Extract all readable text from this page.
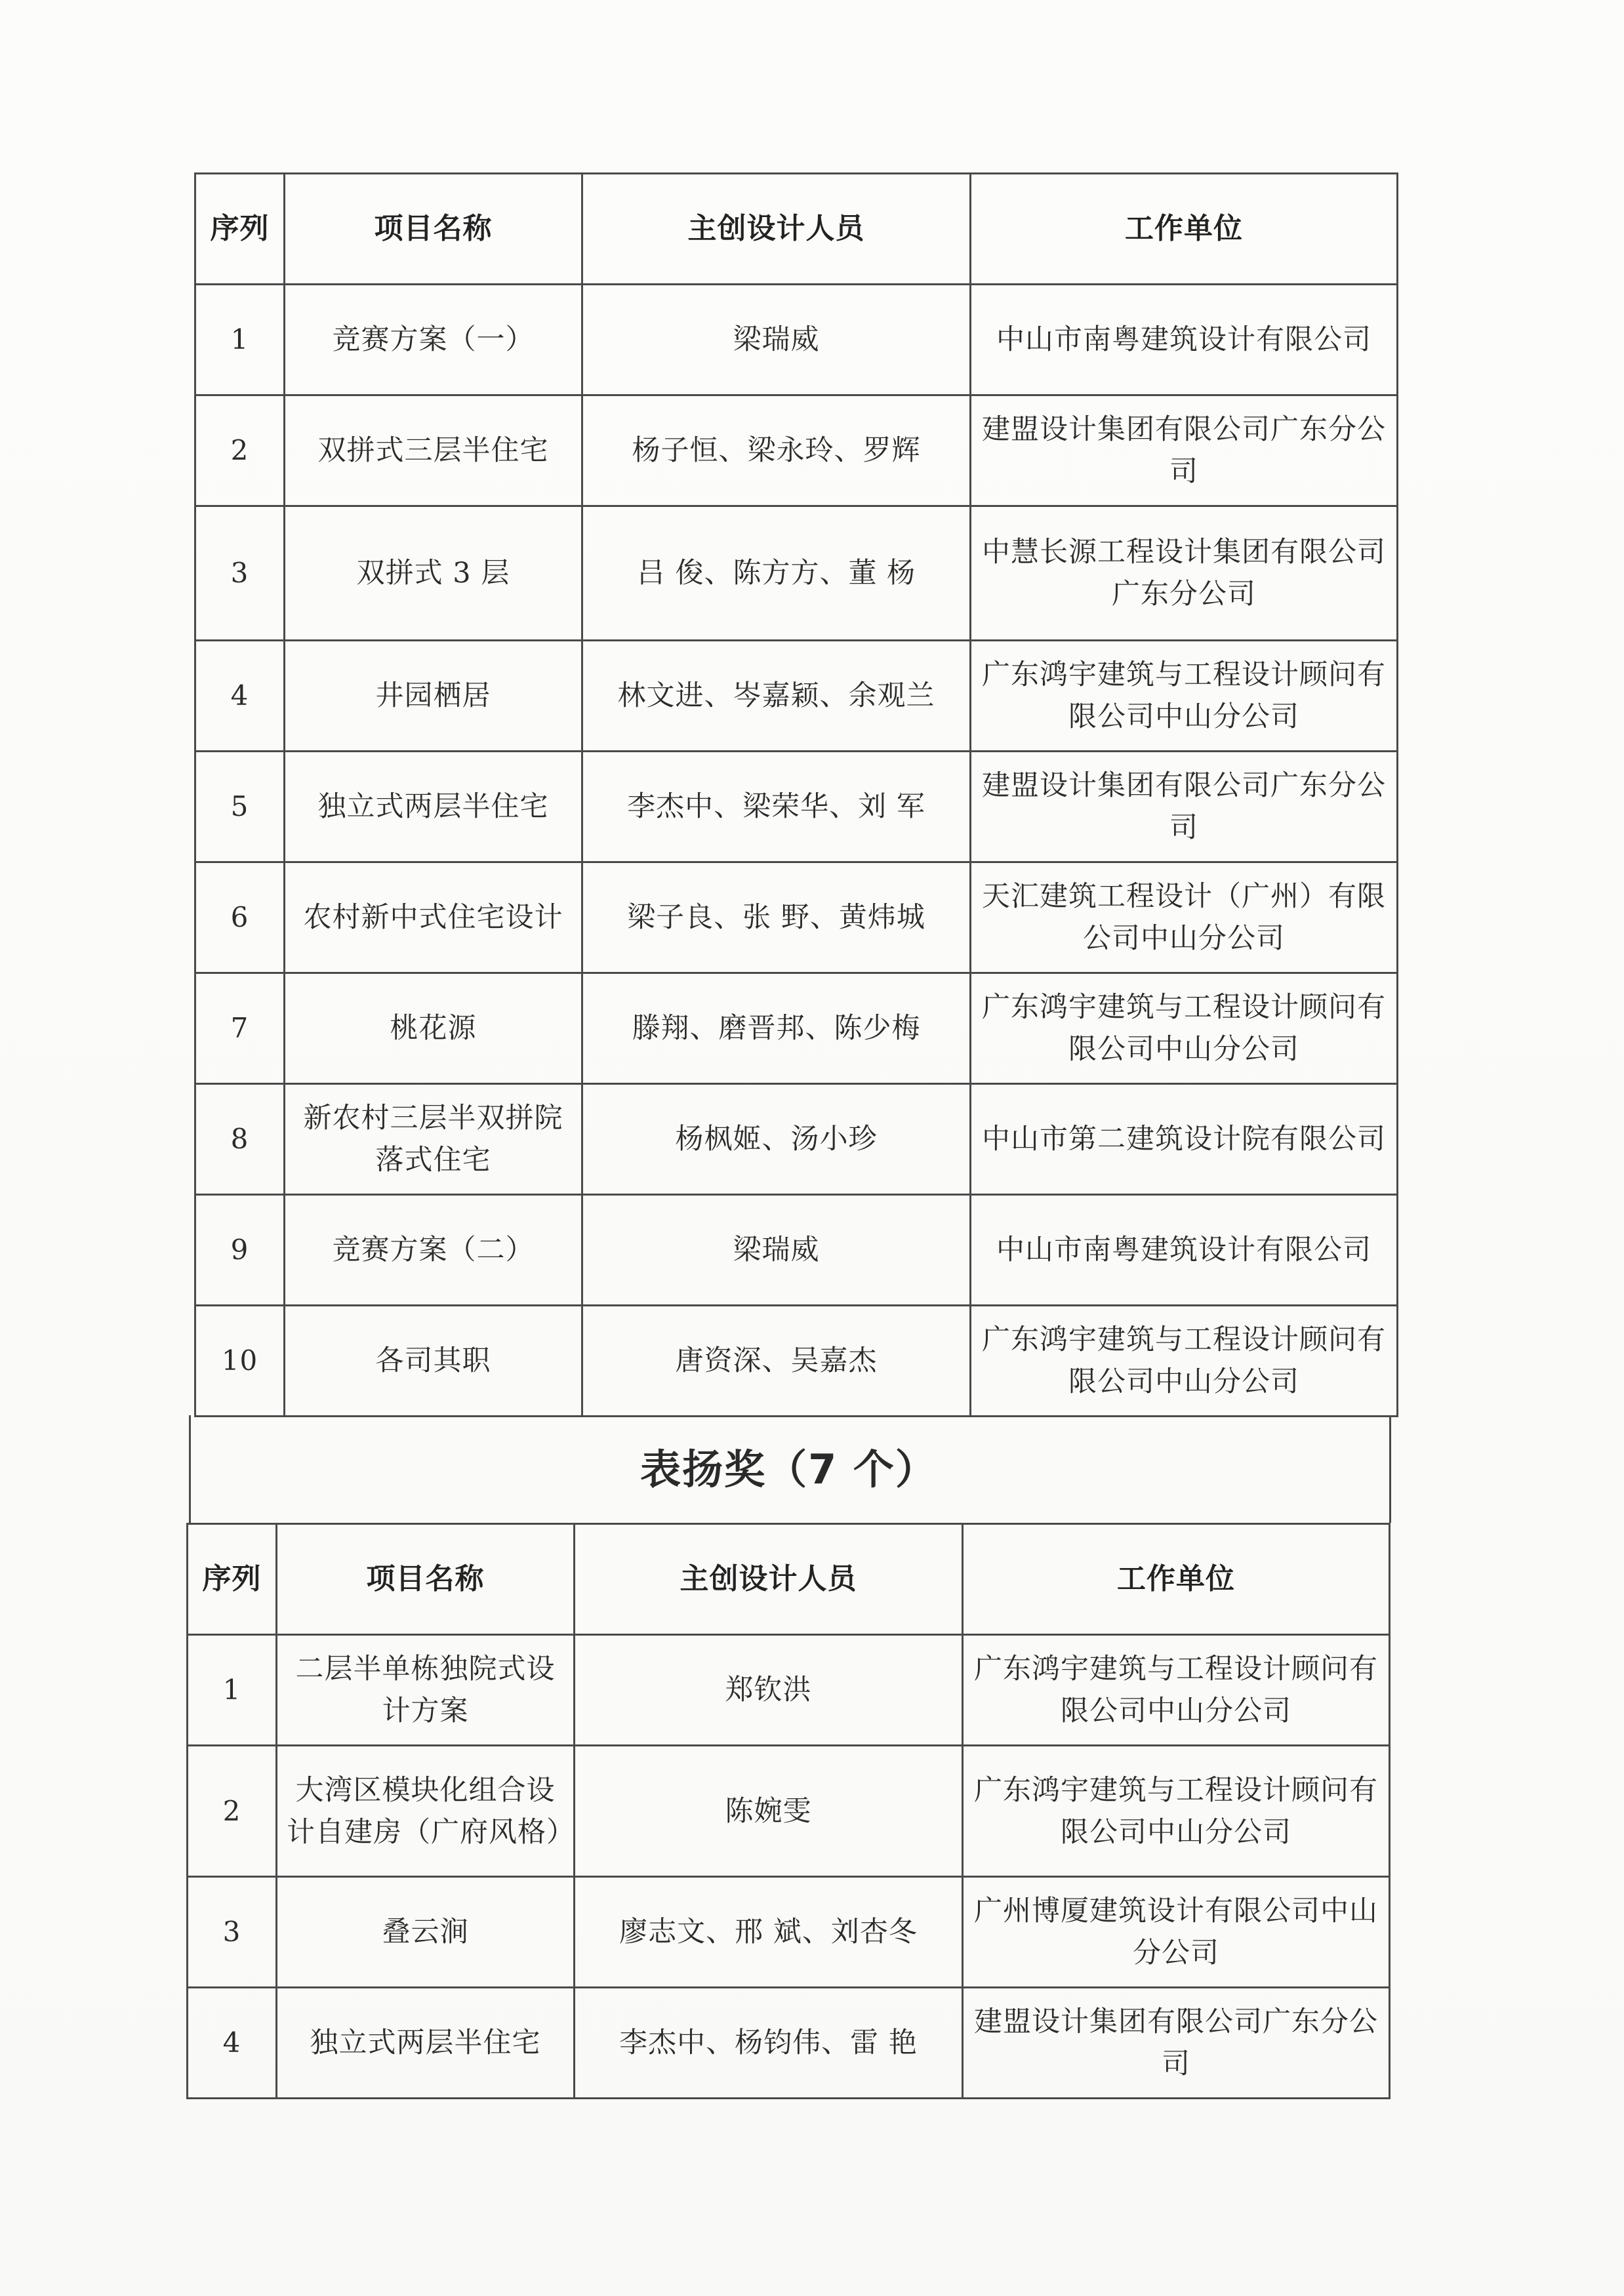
序列	项目名称	主创设计人员	工作单位
1	竞赛方案（一）	梁瑞威	中山市南粤建筑设计有限公司
2	双拼式三层半住宅	杨子恒、梁永玲、罗辉	建盟设计集团有限公司广东分公司
3	双拼式 3 层	吕 俊、陈方方、董 杨	中慧长源工程设计集团有限公司广东分公司
4	井园栖居	林文进、岑嘉颖、余观兰	广东鸿宇建筑与工程设计顾问有限公司中山分公司
5	独立式两层半住宅	李杰中、梁荣华、刘 军	建盟设计集团有限公司广东分公司
6	农村新中式住宅设计	梁子良、张 野、黄炜城	天汇建筑工程设计（广州）有限公司中山分公司
7	桃花源	滕翔、磨晋邦、陈少梅	广东鸿宇建筑与工程设计顾问有限公司中山分公司
8	新农村三层半双拼院落式住宅	杨枫姬、汤小珍	中山市第二建筑设计院有限公司
9	竞赛方案（二）	梁瑞威	中山市南粤建筑设计有限公司
10	各司其职	唐资深、吴嘉杰	广东鸿宇建筑与工程设计顾问有限公司中山分公司
表扬奖（7 个）
序列	项目名称	主创设计人员	工作单位
1	二层半单栋独院式设计方案	郑钦洪	广东鸿宇建筑与工程设计顾问有限公司中山分公司
2	大湾区模块化组合设计自建房（广府风格）	陈婉雯	广东鸿宇建筑与工程设计顾问有限公司中山分公司
3	叠云涧	廖志文、邢 斌、刘杏冬	广州博厦建筑设计有限公司中山分公司
4	独立式两层半住宅	李杰中、杨钧伟、雷 艳	建盟设计集团有限公司广东分公司
